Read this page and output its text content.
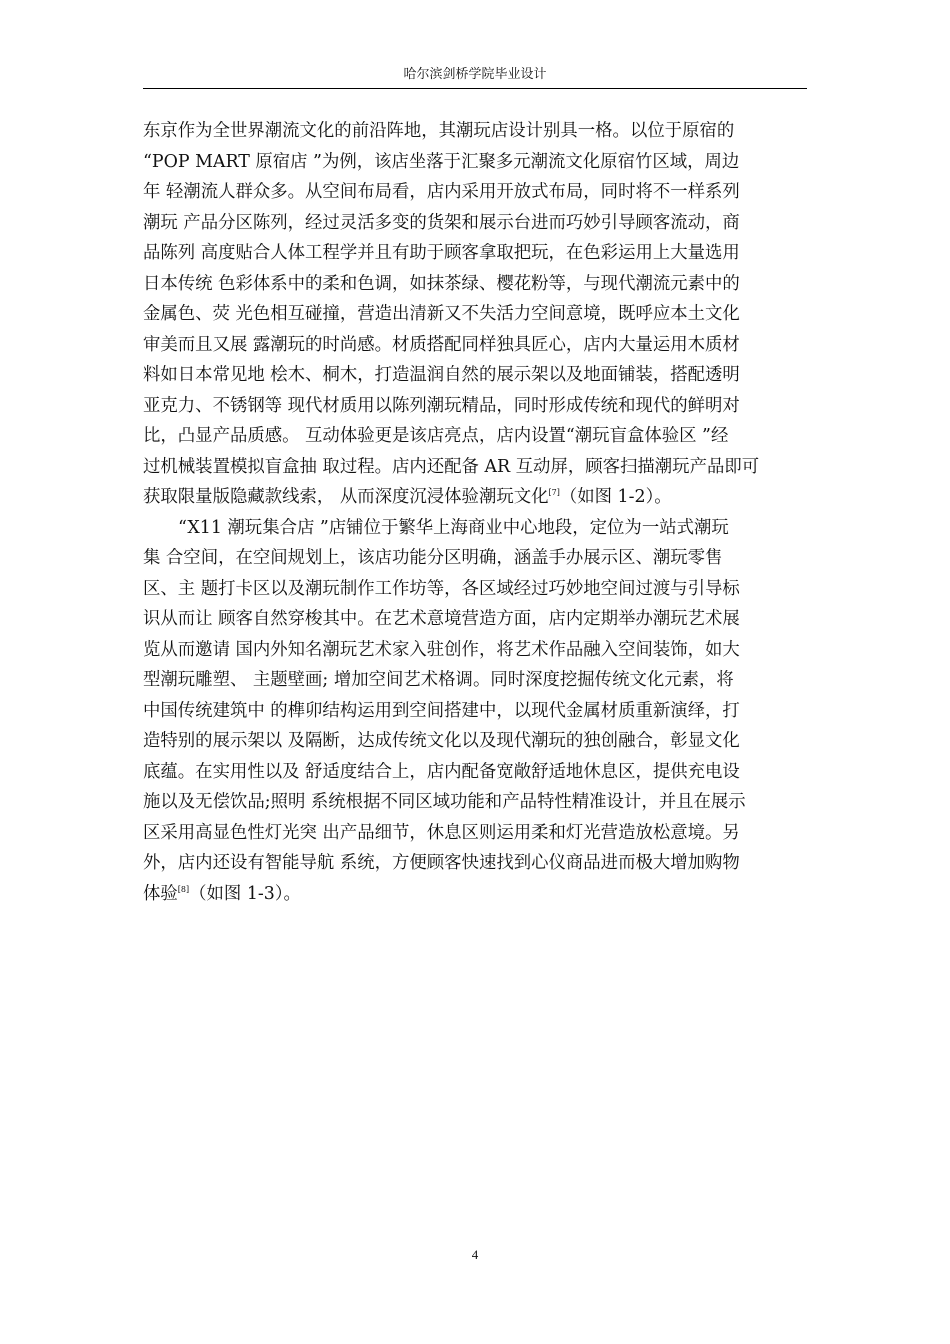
哈尔滨剑桥学院毕业设计
东京作为全世界潮流文化的前沿阵地，其潮玩店设计别具一格。以位于原宿的
“POP MART 原宿店 ”为例，该店坐落于汇聚多元潮流文化原宿竹区域，周边
年 轻潮流人群众多。从空间布局看，店内采用开放式布局，同时将不一样系列
潮玩 产品分区陈列，经过灵活多变的货架和展示台进而巧妙引导顾客流动，商
品陈列 高度贴合人体工程学并且有助于顾客拿取把玩，在色彩运用上大量选用
日本传统 色彩体系中的柔和色调，如抹茶绿、樱花粉等，与现代潮流元素中的
金属色、荧 光色相互碰撞，营造出清新又不失活力空间意境，既呼应本土文化
审美而且又展 露潮玩的时尚感。材质搭配同样独具匠心，店内大量运用木质材
料如日本常见地 桧木、桐木，打造温润自然的展示架以及地面铺装，搭配透明
亚克力、不锈钢等 现代材质用以陈列潮玩精品，同时形成传统和现代的鲜明对
比，凸显产品质感。 互动体验更是该店亮点，店内设置“潮玩盲盒体验区 ”经
过机械装置模拟盲盒抽 取过程。店内还配备 AR 互动屏，顾客扫描潮玩产品即可
获取限量版隐藏款线索， 从而深度沉浸体验潮玩文化[7]（如图 1-2）。
“X11 潮玩集合店 ”店铺位于繁华上海商业中心地段，定位为一站式潮玩
集 合空间，在空间规划上，该店功能分区明确，涵盖手办展示区、潮玩零售
区、主 题打卡区以及潮玩制作工作坊等，各区域经过巧妙地空间过渡与引导标
识从而让 顾客自然穿梭其中。在艺术意境营造方面，店内定期举办潮玩艺术展
览从而邀请 国内外知名潮玩艺术家入驻创作，将艺术作品融入空间装饰，如大
型潮玩雕塑、 主题壁画; 增加空间艺术格调。同时深度挖掘传统文化元素，将
中国传统建筑中 的榫卯结构运用到空间搭建中，以现代金属材质重新演绎，打
造特别的展示架以 及隔断，达成传统文化以及现代潮玩的独创融合，彰显文化
底蕴。在实用性以及 舒适度结合上，店内配备宽敞舒适地休息区，提供充电设
施以及无偿饮品;照明 系统根据不同区域功能和产品特性精准设计，并且在展示
区采用高显色性灯光突 出产品细节，休息区则运用柔和灯光营造放松意境。另
外，店内还设有智能导航 系统，方便顾客快速找到心仪商品进而极大增加购物
体验[8]（如图 1-3）。
4
